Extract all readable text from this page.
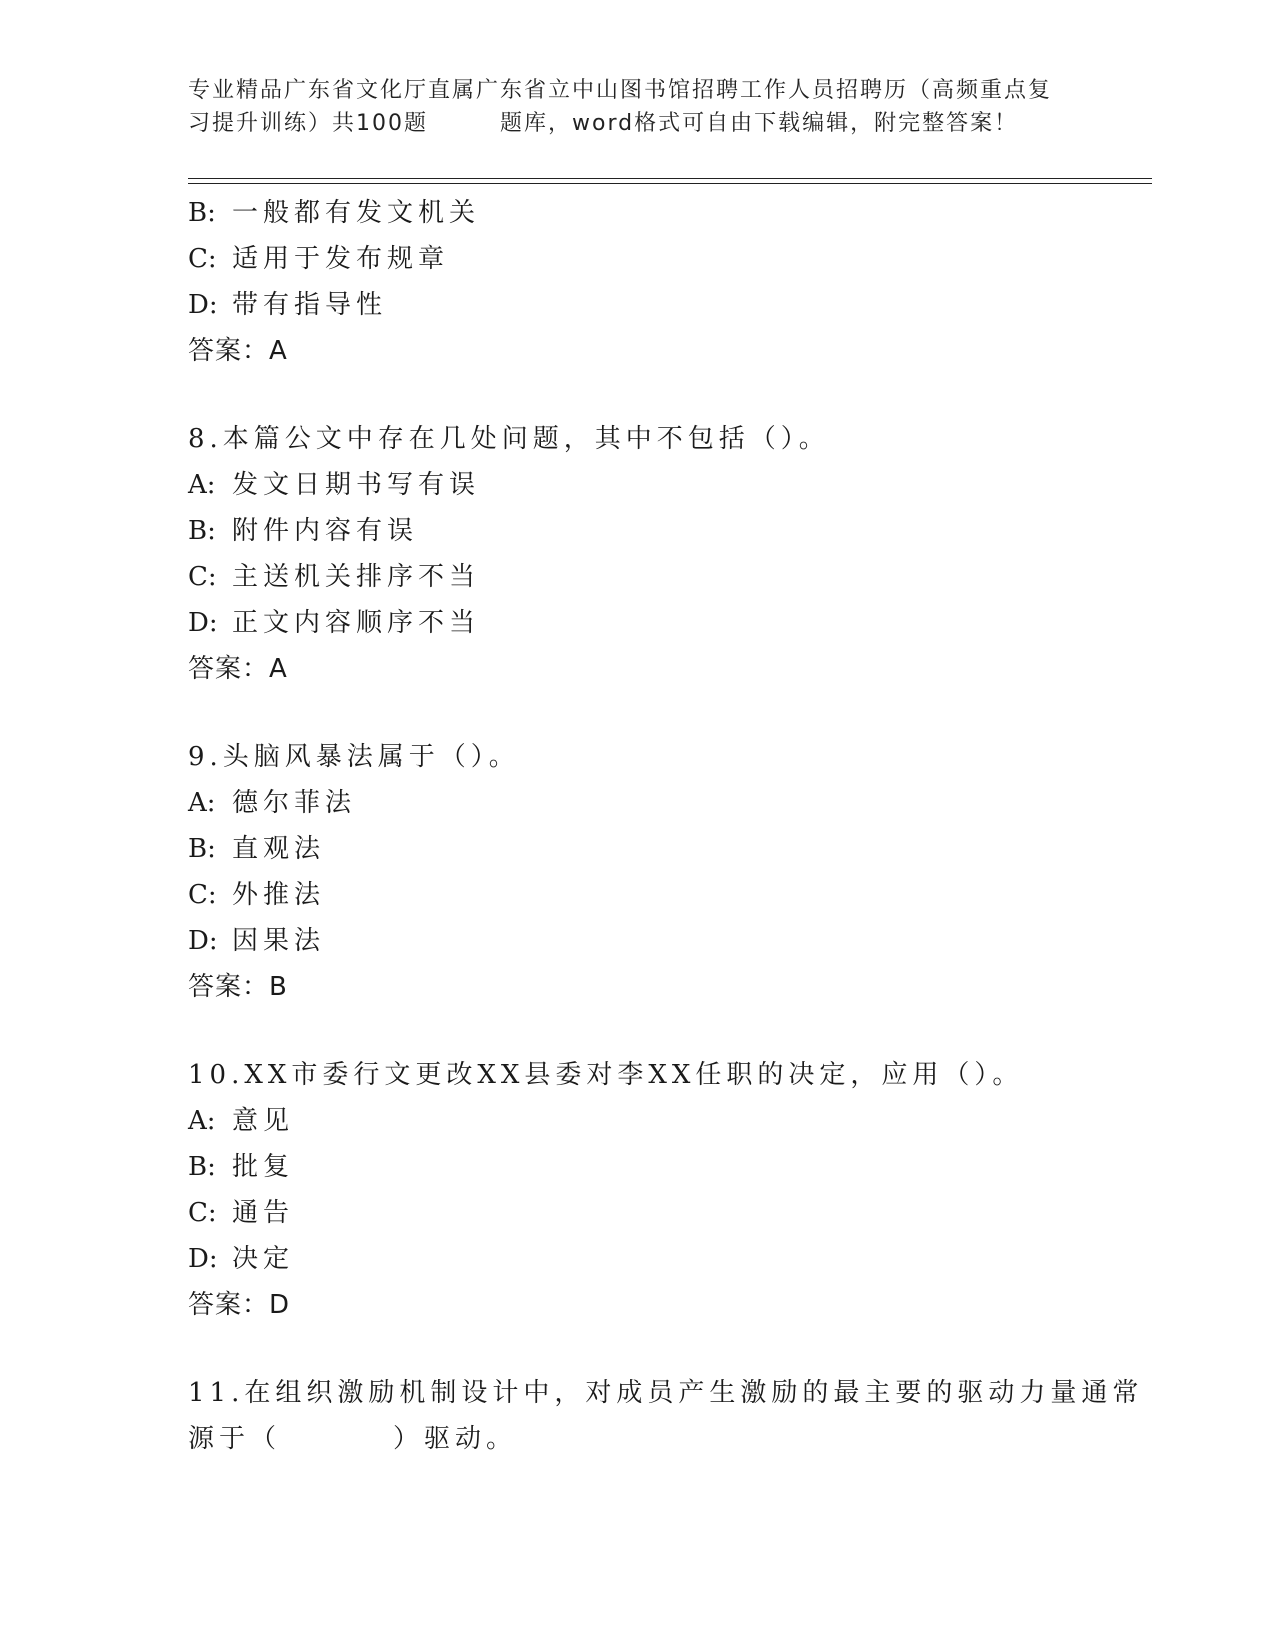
专业精品广东省文化厅直属广东省立中山图书馆招聘工作人员招聘历（高频重点复
习提升训练）共100题	题库，word格式可自由下载编辑，附完整答案！
B: 一般都有发文机关
C: 适用于发布规章
D: 带有指导性
答案：A
8.本篇公文中存在几处问题，其中不包括（）。
A: 发文日期书写有误
B: 附件内容有误
C: 主送机关排序不当
D: 正文内容顺序不当
答案：A
9.头脑风暴法属于（）。
A: 德尔菲法
B: 直观法
C: 外推法
D: 因果法
答案：B
10.XX市委行文更改XX县委对李XX任职的决定，应用（）。
A: 意见
B: 批复
C: 通告
D: 决定
答案：D
11.在组织激励机制设计中，对成员产生激励的最主要的驱动力量通常
源于（	）驱动。
